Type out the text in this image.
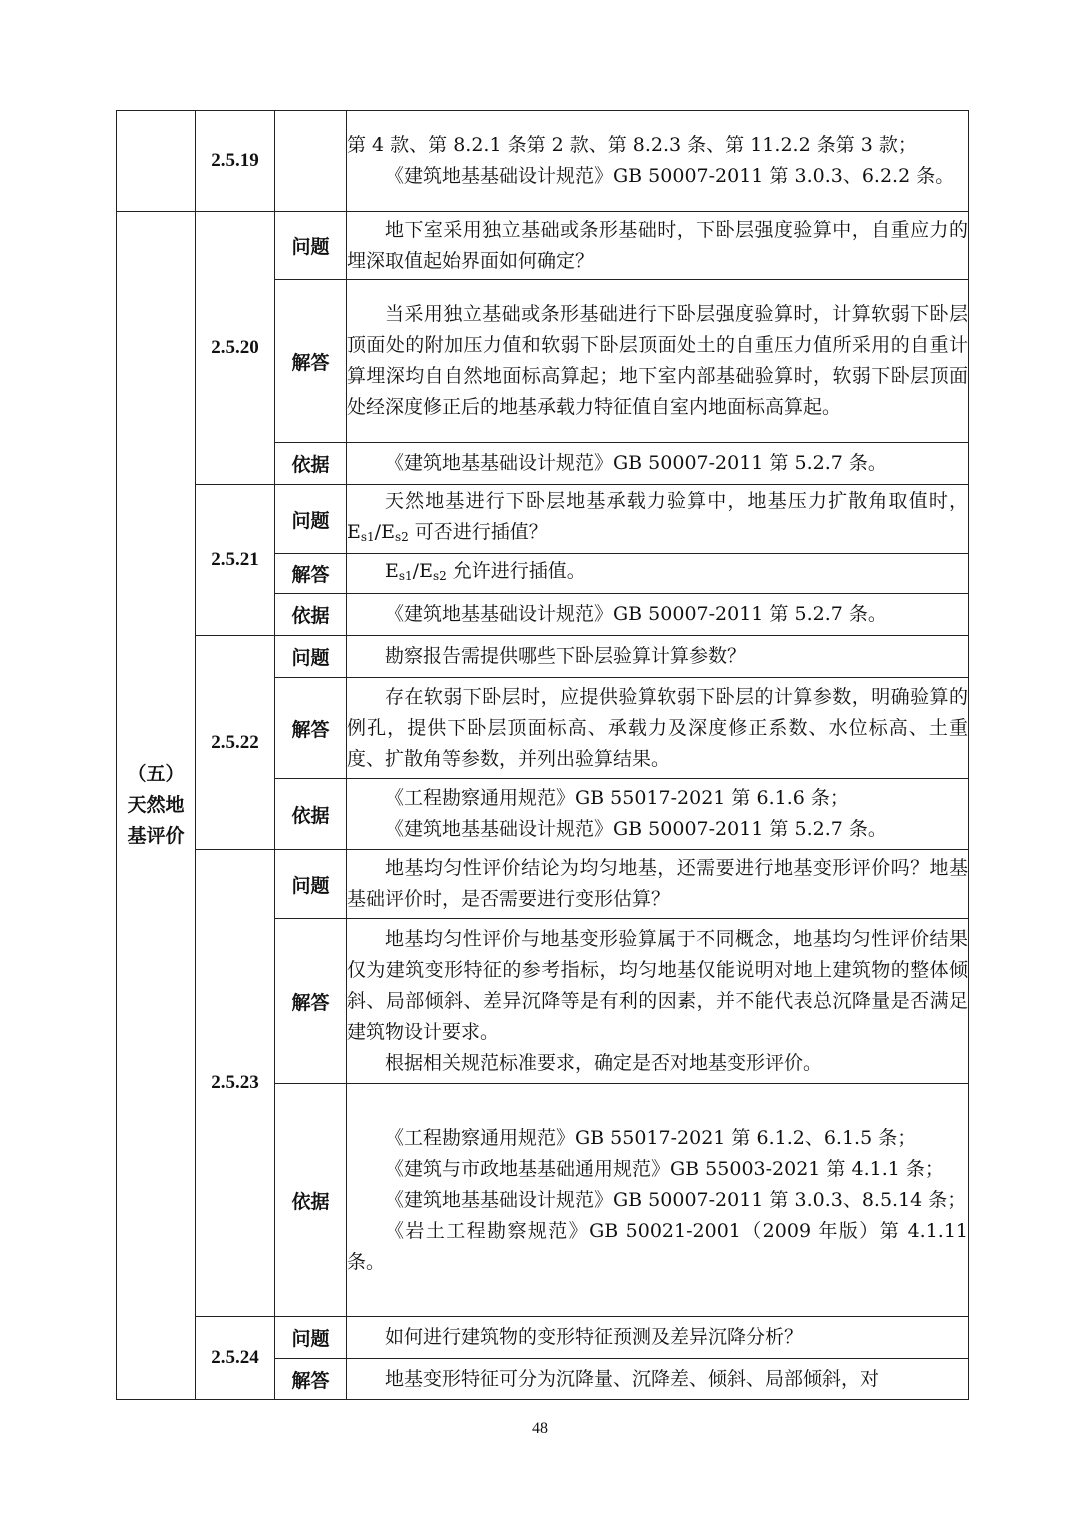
	2.5.19		第 4 款、第 8.2.1 条第 2 款、第 8.2.3 条、第 11.2.2 条第 3 款；

《建筑地基基础设计规范》GB 50007-2011 第 3.0.3、6.2.2 条。

（五）
天然地
基评价	2.5.20	问题	地下室采用独立基础或条形基础时，下卧层强度验算中，自重应力的埋深取值起始界面如何确定？

		解答	当采用独立基础或条形基础进行下卧层强度验算时，计算软弱下卧层顶面处的附加压力值和软弱下卧层顶面处土的自重压力值所采用的自重计算埋深均自自然地面标高算起；地下室内部基础验算时，软弱下卧层顶面处经深度修正后的地基承载力特征值自室内地面标高算起。

		依据	《建筑地基基础设计规范》GB 50007-2011 第 5.2.7 条。

	2.5.21	问题	天然地基进行下卧层地基承载力验算中，地基压力扩散角取值时，$E_{s1}/E_{s2}$ 可否进行插值？

		解答	$E_{s1}/E_{s2}$ 允许进行插值。

		依据	《建筑地基基础设计规范》GB 50007-2011 第 5.2.7 条。

	2.5.22	问题	勘察报告需提供哪些下卧层验算计算参数？

		解答	存在软弱下卧层时，应提供验算软弱下卧层的计算参数，明确验算的例孔，提供下卧层顶面标高、承载力及深度修正系数、水位标高、土重度、扩散角等参数，并列出验算结果。

		依据	《工程勘察通用规范》GB 55017-2021 第 6.1.6 条；

《建筑地基基础设计规范》GB 50007-2011 第 5.2.7 条。

	2.5.23	问题	地基均匀性评价结论为均匀地基，还需要进行地基变形评价吗？地基基础评价时，是否需要进行变形估算？

		解答	地基均匀性评价与地基变形验算属于不同概念，地基均匀性评价结果仅为建筑变形特征的参考指标，均匀地基仅能说明对地上建筑物的整体倾斜、局部倾斜、差异沉降等是有利的因素，并不能代表总沉降量是否满足建筑物设计要求。

根据相关规范标准要求，确定是否对地基变形评价。

		依据	《工程勘察通用规范》GB 55017-2021 第 6.1.2、6.1.5 条；

《建筑与市政地基基础通用规范》GB 55003-2021 第 4.1.1 条；

《建筑地基基础设计规范》GB 50007-2011 第 3.0.3、8.5.14 条；

《岩土工程勘察规范》GB 50021-2001（2009 年版）第 4.1.11 条。

	2.5.24	问题	如何进行建筑物的变形特征预测及差异沉降分析？

		解答	地基变形特征可分为沉降量、沉降差、倾斜、局部倾斜，对

48
